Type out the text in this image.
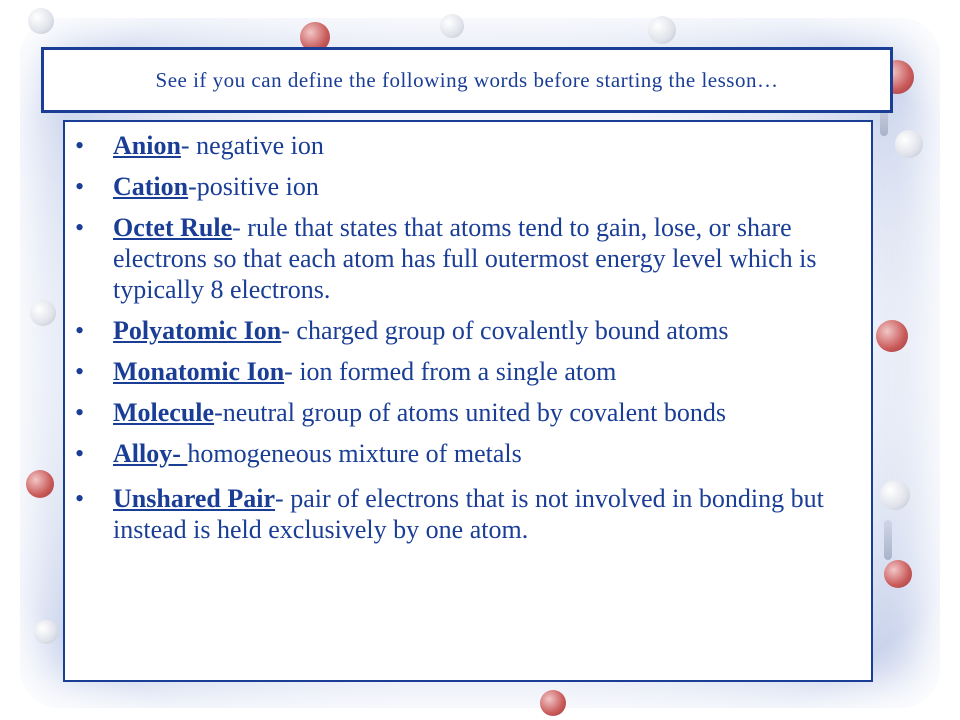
See if you can define the following words before starting the lesson…
• Anion- negative ion
• Cation-positive ion
• Octet Rule- rule that states that atoms tend to gain, lose, or share electrons so that each atom has full outermost energy level which is typically 8 electrons.
• Polyatomic Ion- charged group of covalently bound atoms
• Monatomic Ion- ion formed from a single atom
• Molecule-neutral group of atoms united by covalent bonds
• Alloy- homogeneous mixture of metals
• Unshared Pair- pair of electrons that is not involved in bonding but instead is held exclusively by one atom.
